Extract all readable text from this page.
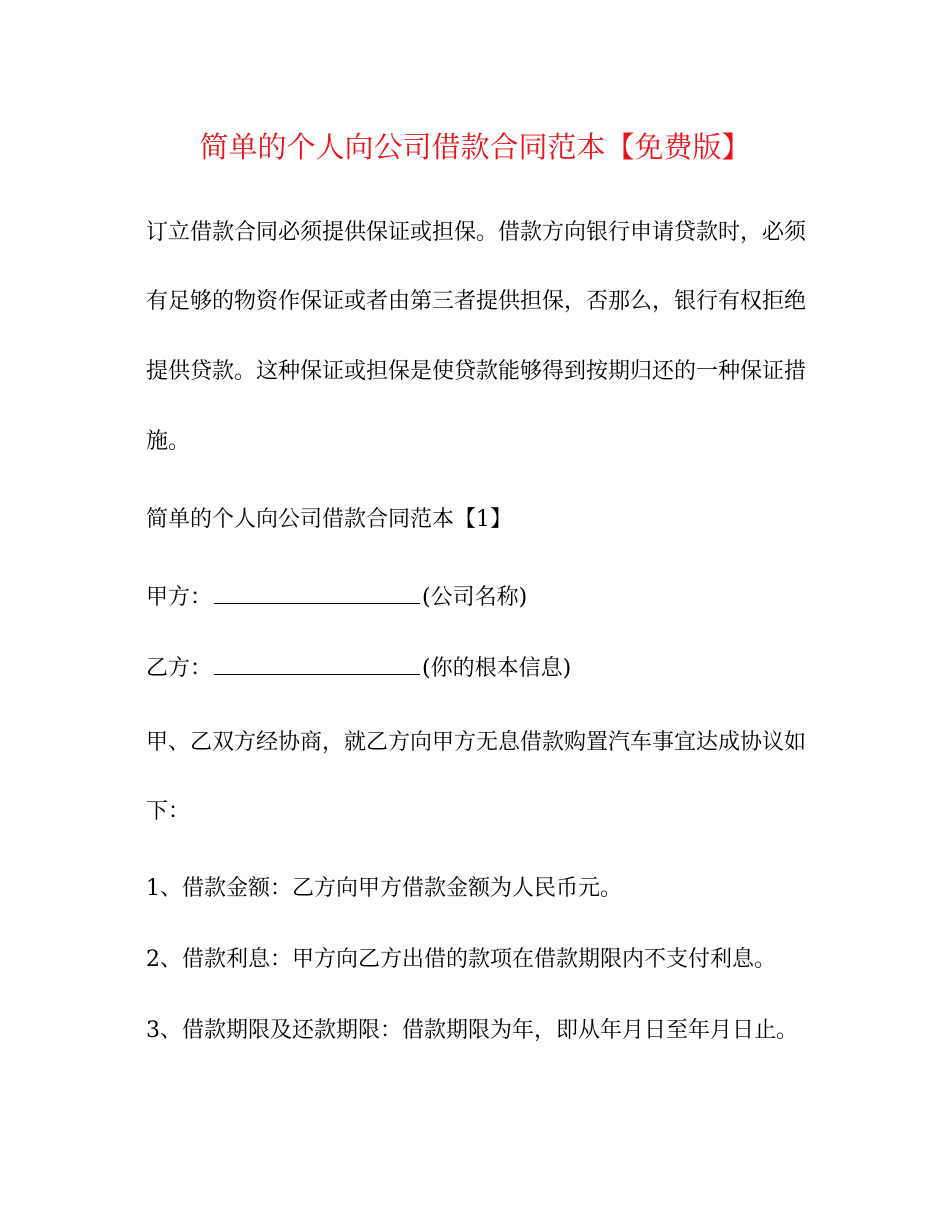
简单的个人向公司借款合同范本【免费版】
订立借款合同必须提供保证或担保。借款方向银行申请贷款时，必须
有足够的物资作保证或者由第三者提供担保，否那么，银行有权拒绝
提供贷款。这种保证或担保是使贷款能够得到按期归还的一种保证措
施。
简单的个人向公司借款合同范本【1】
甲方：	(公司名称)
乙方：	(你的根本信息)
甲、乙双方经协商，就乙方向甲方无息借款购置汽车事宜达成协议如
下：
1、借款金额：乙方向甲方借款金额为人民币元。
2、借款利息：甲方向乙方出借的款项在借款期限内不支付利息。
3、借款期限及还款期限：借款期限为年，即从年月日至年月日止。
